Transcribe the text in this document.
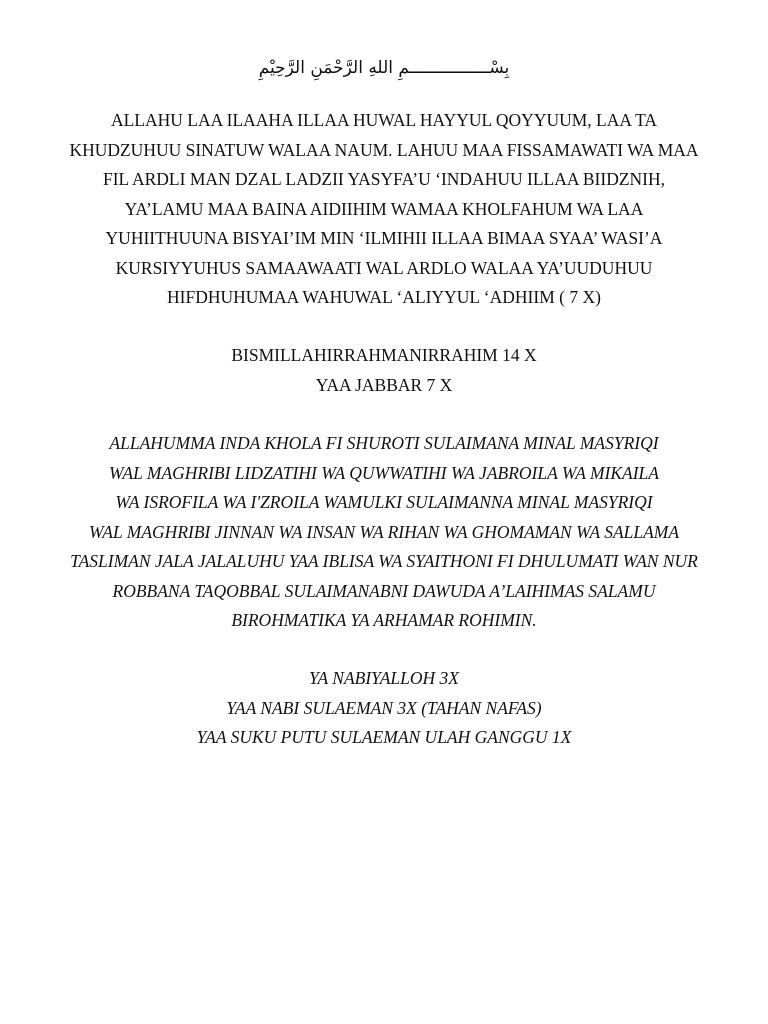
بِسْــــــــــــــــمِ اللهِ الرَّحْمَنِ الرَّحِيْمِ
ALLAHU LAA ILAAHA ILLAA HUWAL HAYYUL QOYYUUM, LAA TA
KHUDZUHUU SINATUW WALAA NAUM. LAHUU MAA FISSAMAWATI WA MAA
FIL ARDLI MAN DZAL LADZII YASYFA’U ‘INDAHUU ILLAA BIIDZNIH,
YA’LAMU MAA BAINA AIDIIHIM WAMAA KHOLFAHUM WA LAA
YUHIITHUUNA BISYAI’IM MIN ‘ILMIHII ILLAA BIMAA SYAA’ WASI’A
KURSIYYUHUS SAMAAWAATI WAL ARDLO WALAA YA’UUDUHUU
HIFDHUHUMAA WAHUWAL ‘ALIYYUL ‘ADHIIM ( 7 X)
BISMILLAHIRRAHMANIRRAHIM 14 X
YAA JABBAR 7 X
ALLAHUMMA INDA KHOLA FI SHUROTI SULAIMANA MINAL MASYRIQI
WAL MAGHRIBI LIDZATIHI WA QUWWATIHI WA JABROILA WA MIKAILA
WA ISROFILA WA I'ZROILA WAMULKI SULAIMANNA MINAL MASYRIQI
WAL MAGHRIBI JINNAN WA INSAN WA RIHAN WA GHOMAMAN WA SALLAMA
TASLIMAN JALA JALALUHU YAA IBLISA WA SYAITHONI FI DHULUMATI WAN NUR
ROBBANA TAQOBBAL SULAIMANABNI DAWUDA A’LAIHIMAS SALAMU
BIROHMATIKA YA ARHAMAR ROHIMIN.
YA NABIYALLOH 3X
YAA NABI SULAEMAN 3X (TAHAN NAFAS)
YAA SUKU PUTU SULAEMAN ULAH GANGGU 1X
